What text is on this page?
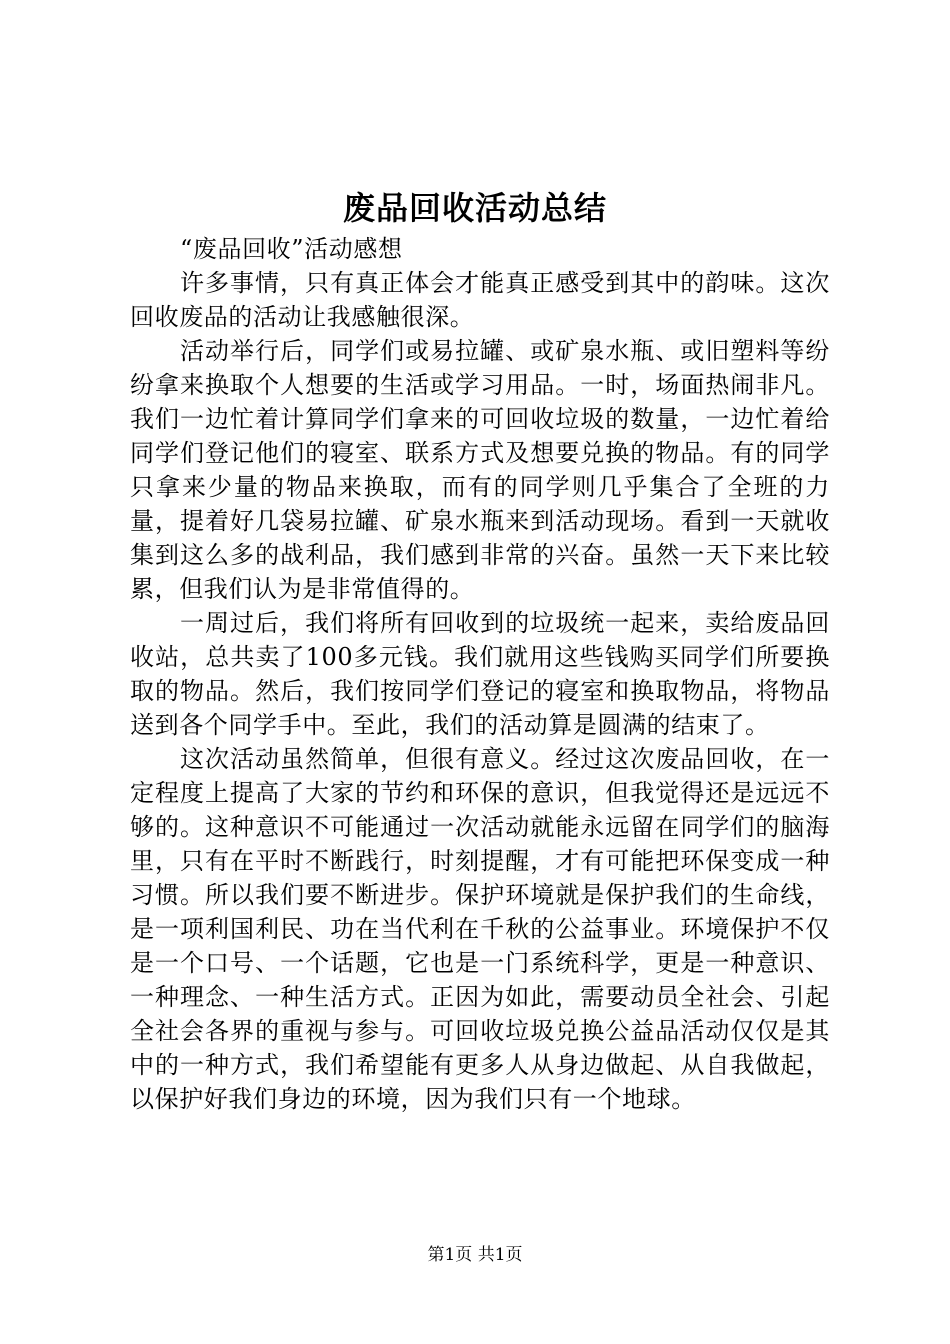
废品回收活动总结

“废品回收”活动感想

许多事情，只有真正体会才能真正感受到其中的韵味。这次回收废品的活动让我感触很深。

活动举行后，同学们或易拉罐、或矿泉水瓶、或旧塑料等纷纷拿来换取个人想要的生活或学习用品。一时，场面热闹非凡。我们一边忙着计算同学们拿来的可回收垃圾的数量，一边忙着给同学们登记他们的寝室、联系方式及想要兑换的物品。有的同学只拿来少量的物品来换取，而有的同学则几乎集合了全班的力量，提着好几袋易拉罐、矿泉水瓶来到活动现场。看到一天就收集到这么多的战利品，我们感到非常的兴奋。虽然一天下来比较累，但我们认为是非常值得的。

一周过后，我们将所有回收到的垃圾统一起来，卖给废品回收站，总共卖了100多元钱。我们就用这些钱购买同学们所要换取的物品。然后，我们按同学们登记的寝室和换取物品，将物品送到各个同学手中。至此，我们的活动算是圆满的结束了。

这次活动虽然简单，但很有意义。经过这次废品回收，在一定程度上提高了大家的节约和环保的意识，但我觉得还是远远不够的。这种意识不可能通过一次活动就能永远留在同学们的脑海里，只有在平时不断践行，时刻提醒，才有可能把环保变成一种习惯。所以我们要不断进步。保护环境就是保护我们的生命线，是一项利国利民、功在当代利在千秋的公益事业。环境保护不仅是一个口号、一个话题，它也是一门系统科学，更是一种意识、一种理念、一种生活方式。正因为如此，需要动员全社会、引起全社会各界的重视与参与。可回收垃圾兑换公益品活动仅仅是其中的一种方式，我们希望能有更多人从身边做起、从自我做起，以保护好我们身边的环境，因为我们只有一个地球。

第1页 共1页
